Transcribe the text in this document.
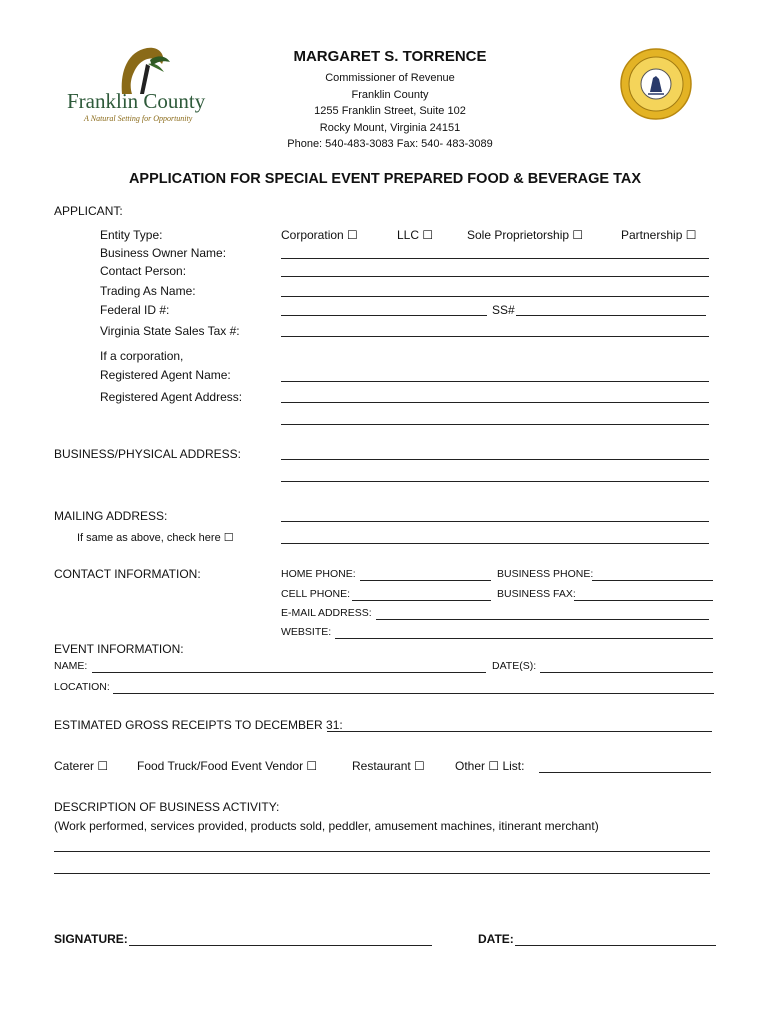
Franklin County
A Natural Setting for Opportunity
MARGARET S. TORRENCE
Commissioner of Revenue
Franklin County
1255 Franklin Street, Suite 102
Rocky Mount, Virginia 24151
Phone: 540-483-3083 Fax: 540- 483-3089
APPLICATION FOR SPECIAL EVENT PREPARED FOOD & BEVERAGE TAX
APPLICANT:
Entity Type:	Corporation ☐	LLC ☐	Sole Proprietorship ☐	Partnership ☐
Business Owner Name:
Contact Person:
Trading As Name:
Federal ID #:	SS#
Virginia State Sales Tax #:
If a corporation,
Registered Agent Name:
Registered Agent Address:
BUSINESS/PHYSICAL ADDRESS:
MAILING ADDRESS:
If same as above, check here ☐
CONTACT INFORMATION:	HOME PHONE:	BUSINESS PHONE:
CELL PHONE:	BUSINESS FAX:
E-MAIL ADDRESS:
WEBSITE:
EVENT INFORMATION:
NAME:	DATE(S):
LOCATION:
ESTIMATED GROSS RECEIPTS TO DECEMBER 31:
Caterer ☐ Food Truck/Food Event Vendor ☐	Restaurant ☐	Other ☐ List:
DESCRIPTION OF BUSINESS ACTIVITY:
(Work performed, services provided, products sold, peddler, amusement machines, itinerant merchant)
SIGNATURE:	DATE:
